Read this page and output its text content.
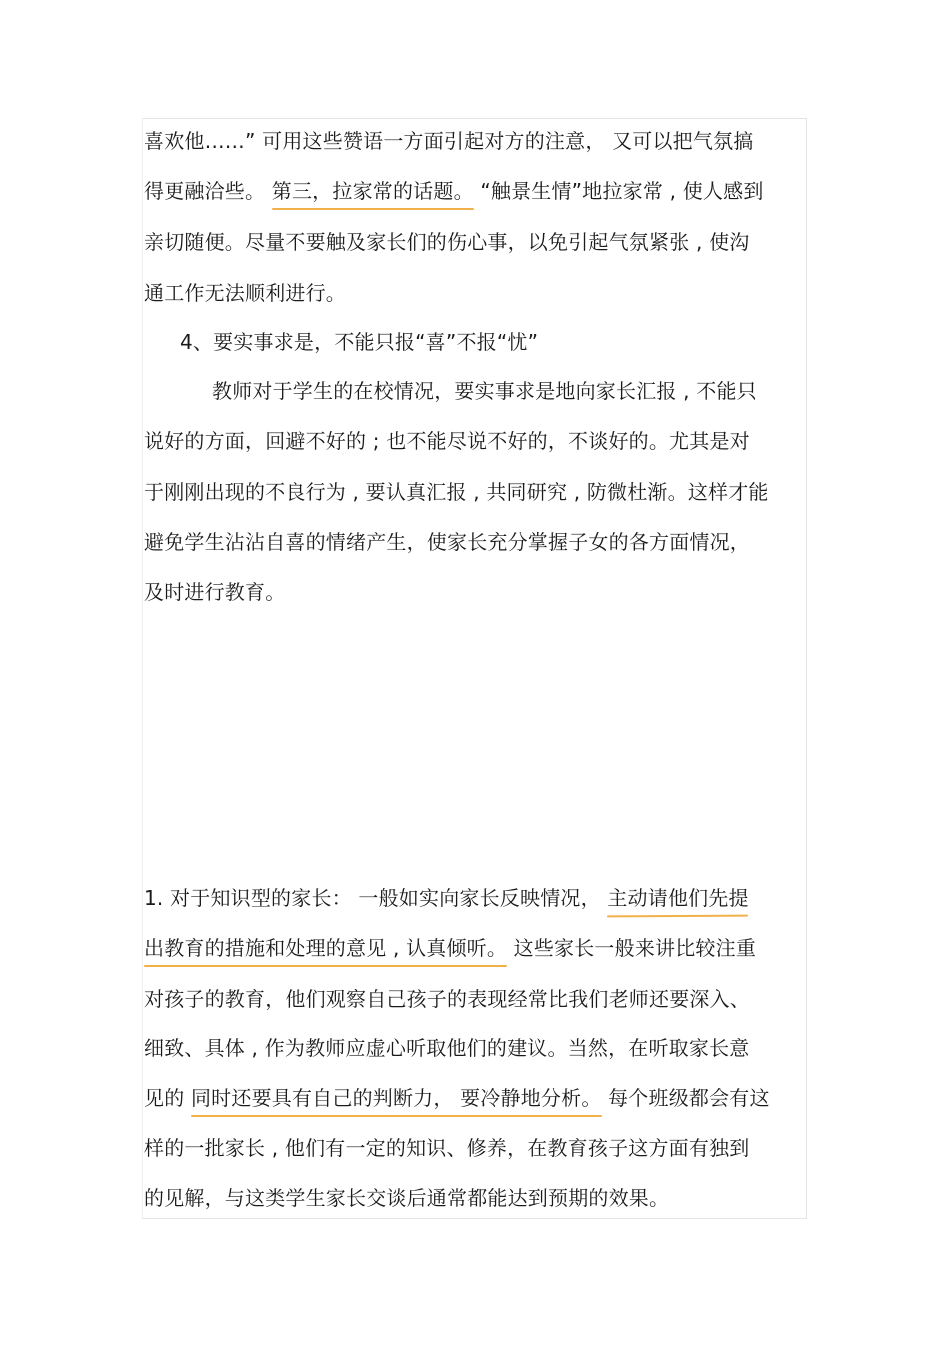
喜欢他……” 可用这些赞语一方面引起对方的注意， 又可以把气氛搞
得更融洽些。 第三，拉家常的话题。 “触景生情”地拉家常 , 使人感到
亲切随便。尽量不要触及家长们的伤心事，以免引起气氛紧张 , 使沟
通工作无法顺利进行。
4、要实事求是，不能只报“喜”不报“忧”
教师对于学生的在校情况，要实事求是地向家长汇报 , 不能只
说好的方面，回避不好的 ; 也不能尽说不好的，不谈好的。尤其是对
于刚刚出现的不良行为 , 要认真汇报 , 共同研究 , 防微杜渐。这样才能
避免学生沾沾自喜的情绪产生，使家长充分掌握子女的各方面情况，
及时进行教育。
1. 对于知识型的家长： 一般如实向家长反映情况， 主动请他们先提
出教育的措施和处理的意见 , 认真倾听。 这些家长一般来讲比较注重
对孩子的教育，他们观察自己孩子的表现经常比我们老师还要深入、
细致、具体 , 作为教师应虚心听取他们的建议。当然，在听取家长意
见的 同时还要具有自己的判断力， 要冷静地分析。 每个班级都会有这
样的一批家长 , 他们有一定的知识、修养，在教育孩子这方面有独到
的见解，与这类学生家长交谈后通常都能达到预期的效果。
